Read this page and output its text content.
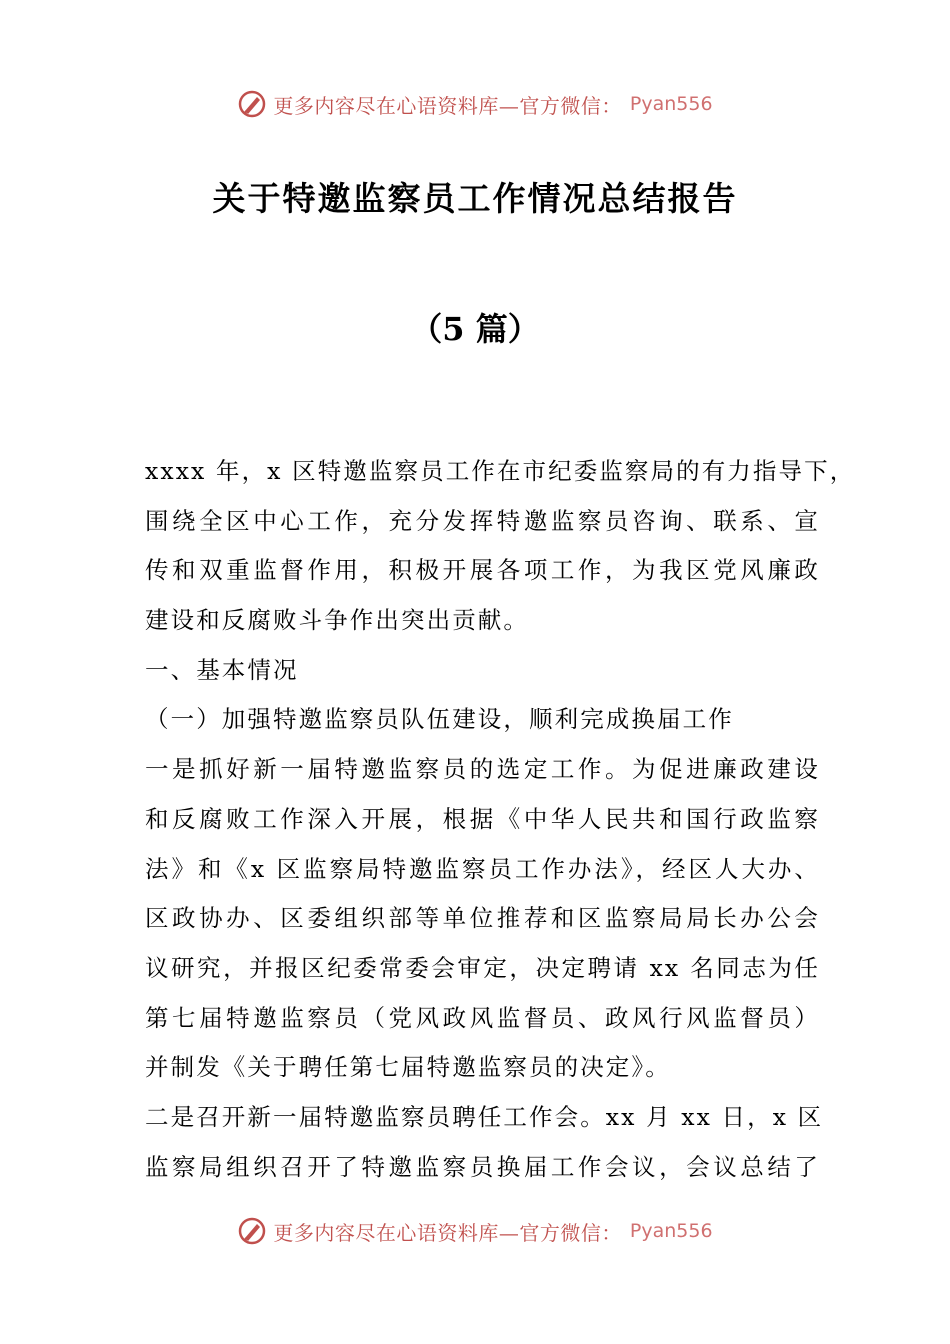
更多内容尽在心语资料库—官方微信： Pyan556
关于特邀监察员工作情况总结报告
（5 篇）
xxxx 年，x 区特邀监察员工作在市纪委监察局的有力指导下，
围绕全区中心工作，充分发挥特邀监察员咨询、联系、宣
传和双重监督作用，积极开展各项工作，为我区党风廉政
建设和反腐败斗争作出突出贡献。
一、基本情况
（一）加强特邀监察员队伍建设，顺利完成换届工作
一是抓好新一届特邀监察员的选定工作。为促进廉政建设
和反腐败工作深入开展，根据《中华人民共和国行政监察
法》和《x 区监察局特邀监察员工作办法》，经区人大办、
区政协办、区委组织部等单位推荐和区监察局局长办公会
议研究，并报区纪委常委会审定，决定聘请 xx 名同志为任
第七届特邀监察员（党风政风监督员、政风行风监督员）
并制发《关于聘任第七届特邀监察员的决定》。
二是召开新一届特邀监察员聘任工作会。xx 月 xx 日，x 区
监察局组织召开了特邀监察员换届工作会议，会议总结了
更多内容尽在心语资料库—官方微信： Pyan556
